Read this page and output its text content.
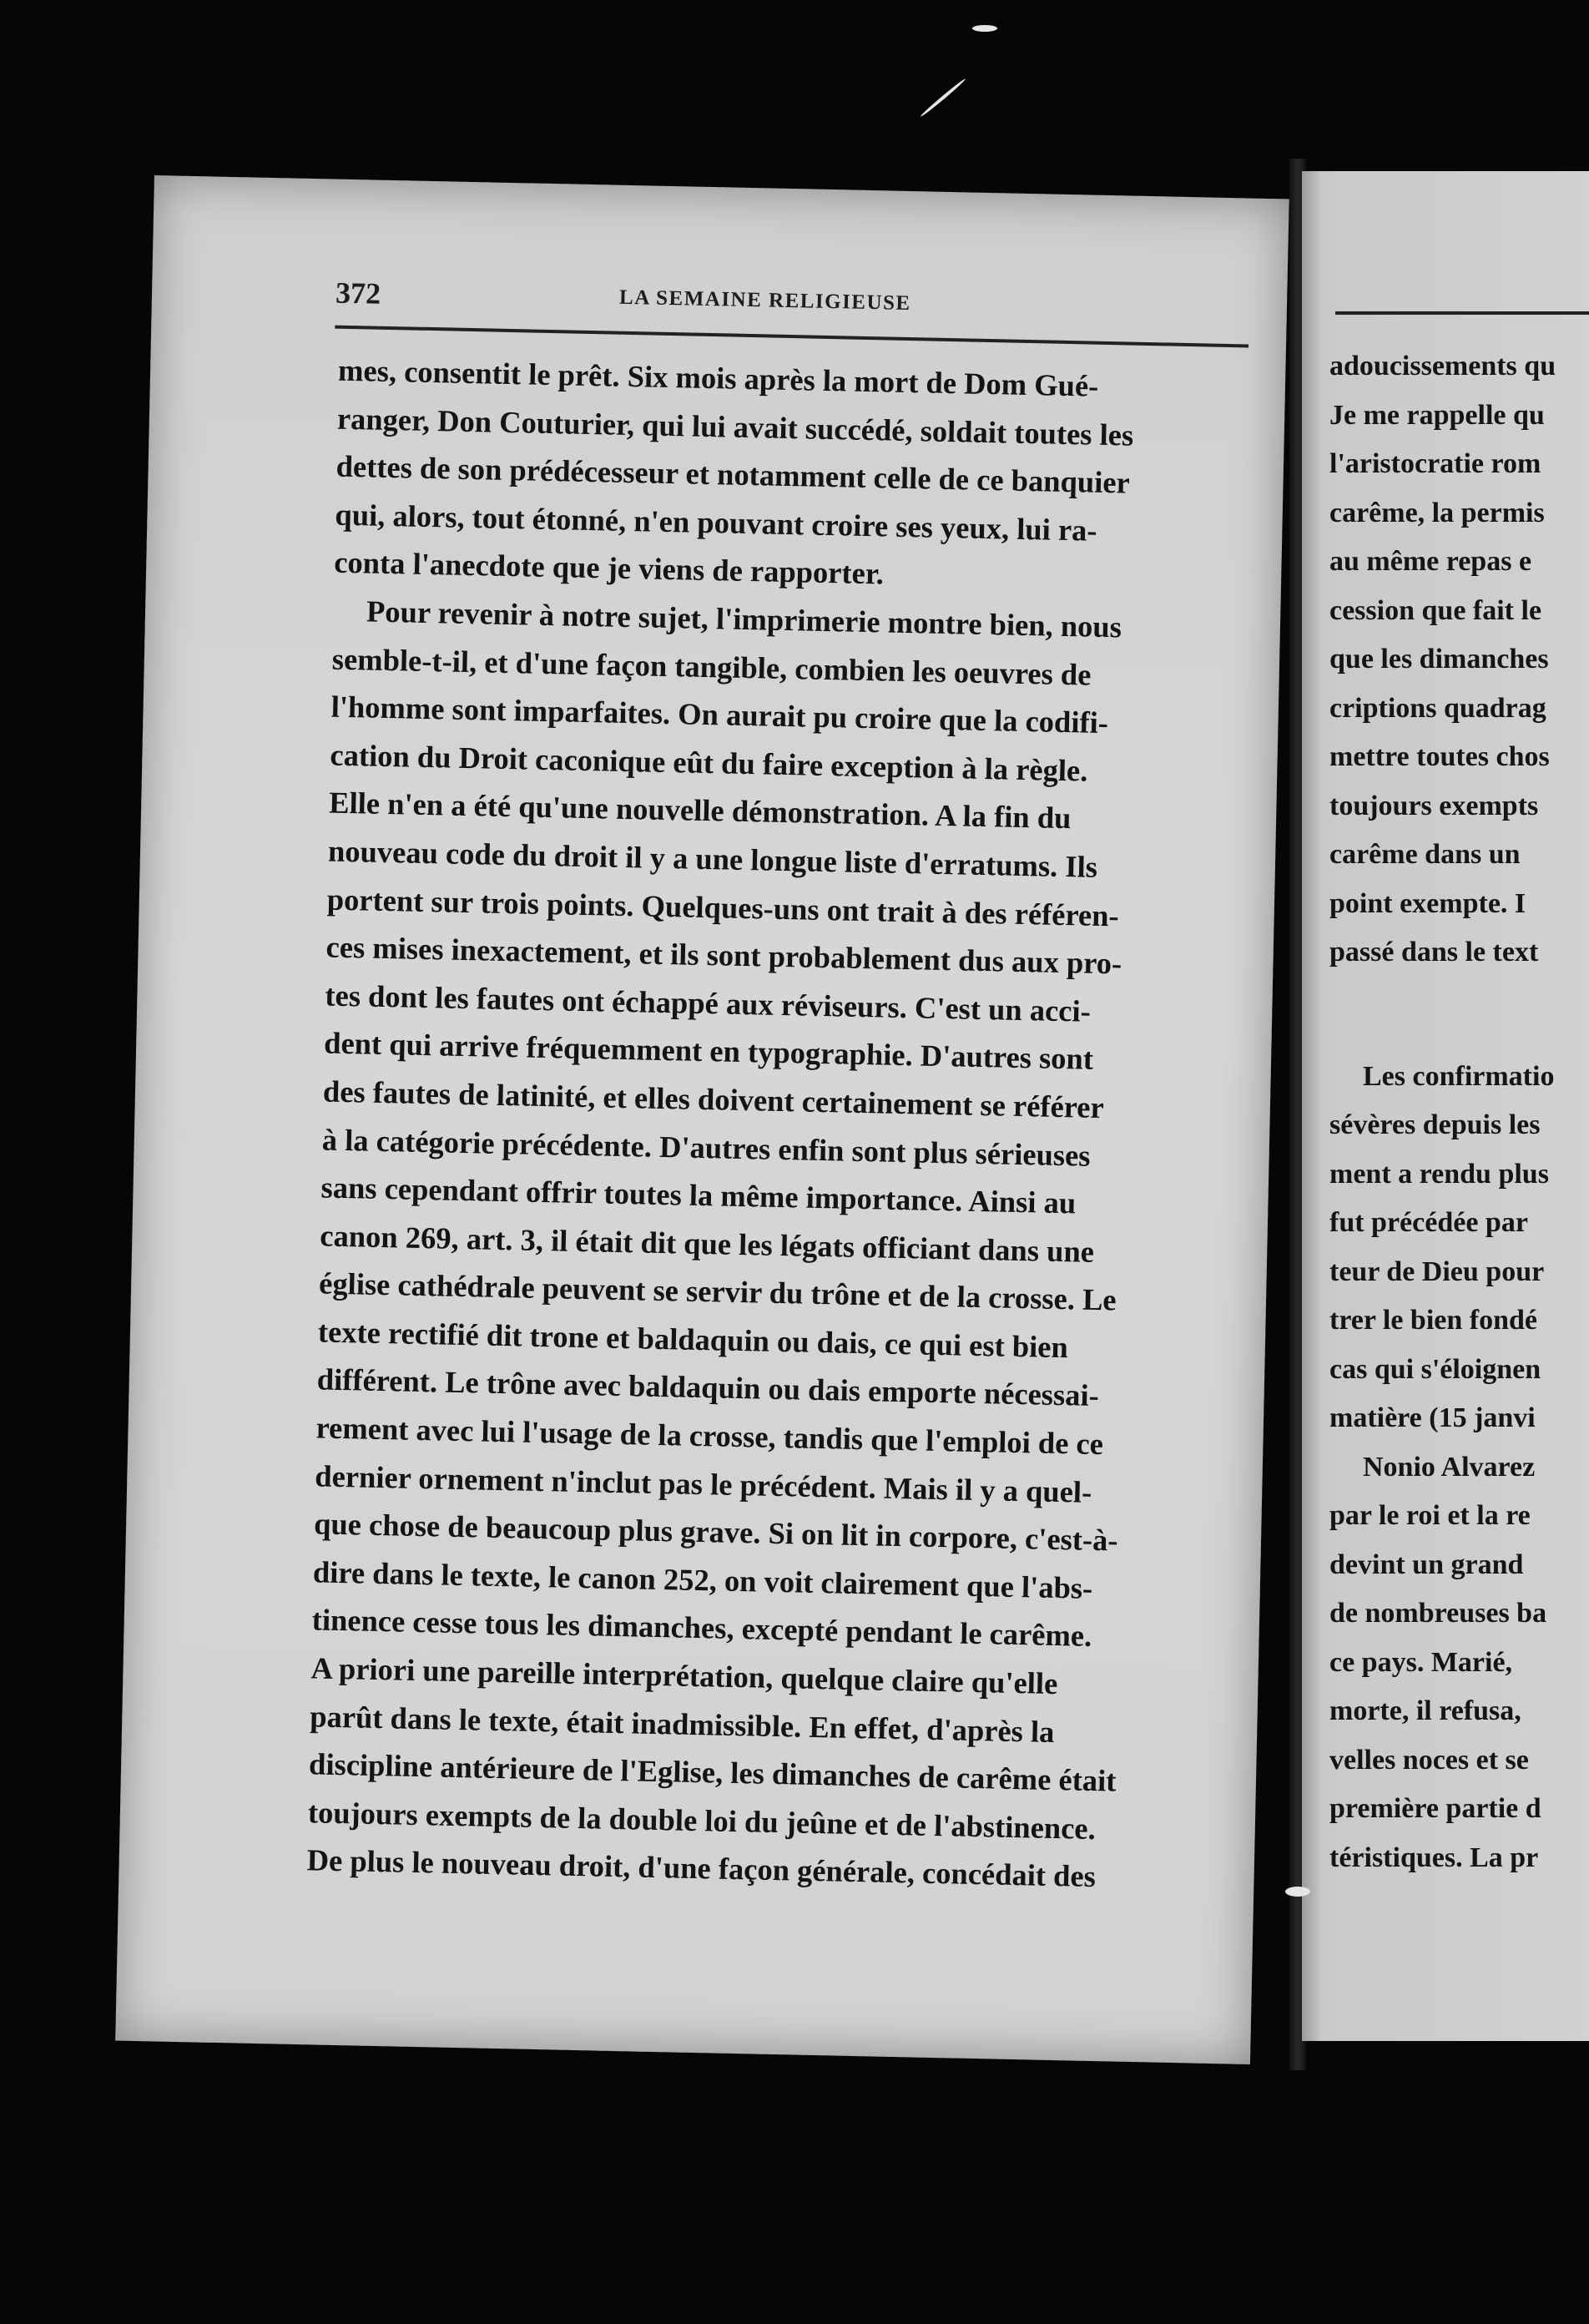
372	LA SEMAINE RELIGIEUSE
mes, consentit le prêt. Six mois après la mort de Dom Gué-
ranger, Don Couturier, qui lui avait succédé, soldait toutes les
dettes de son prédécesseur et notamment celle de ce banquier
qui, alors, tout étonné, n'en pouvant croire ses yeux, lui ra-
conta l'anecdote que je viens de rapporter.
Pour revenir à notre sujet, l'imprimerie montre bien, nous
semble-t-il, et d'une façon tangible, combien les oeuvres de
l'homme sont imparfaites. On aurait pu croire que la codifi-
cation du Droit caconique eût du faire exception à la règle.
Elle n'en a été qu'une nouvelle démonstration. A la fin du
nouveau code du droit il y a une longue liste d'erratums. Ils
portent sur trois points. Quelques-uns ont trait à des référen-
ces mises inexactement, et ils sont probablement dus aux pro-
tes dont les fautes ont échappé aux réviseurs. C'est un acci-
dent qui arrive fréquemment en typographie. D'autres sont
des fautes de latinité, et elles doivent certainement se référer
à la catégorie précédente. D'autres enfin sont plus sérieuses
sans cependant offrir toutes la même importance. Ainsi au
canon 269, art. 3, il était dit que les légats officiant dans une
église cathédrale peuvent se servir du trône et de la crosse. Le
texte rectifié dit trone et baldaquin ou dais, ce qui est bien
différent. Le trône avec baldaquin ou dais emporte nécessai-
rement avec lui l'usage de la crosse, tandis que l'emploi de ce
dernier ornement n'inclut pas le précédent. Mais il y a quel-
que chose de beaucoup plus grave. Si on lit in corpore, c'est-à-
dire dans le texte, le canon 252, on voit clairement que l'abs-
tinence cesse tous les dimanches, excepté pendant le carême.
A priori une pareille interprétation, quelque claire qu'elle
parût dans le texte, était inadmissible. En effet, d'après la
discipline antérieure de l'Eglise, les dimanches de carême était
toujours exempts de la double loi du jeûne et de l'abstinence.
De plus le nouveau droit, d'une façon générale, concédait des
adoucissements qu
Je me rappelle qu
l'aristocratie rom
carême, la permis
au même repas e
cession que fait le
que les dimanches
criptions quadrag
mettre toutes chos
toujours exempts
carême dans un
point exempte. I
passé dans le text
Les confirmatio
sévères depuis les
ment a rendu plus
fut précédée par
teur de Dieu pour
trer le bien fondé
cas qui s'éloignen
matière (15 janvi
Nonio Alvarez
par le roi et la re
devint un grand
de nombreuses ba
ce pays. Marié,
morte, il refusa,
velles noces et se
première partie d
téristiques. La pr
